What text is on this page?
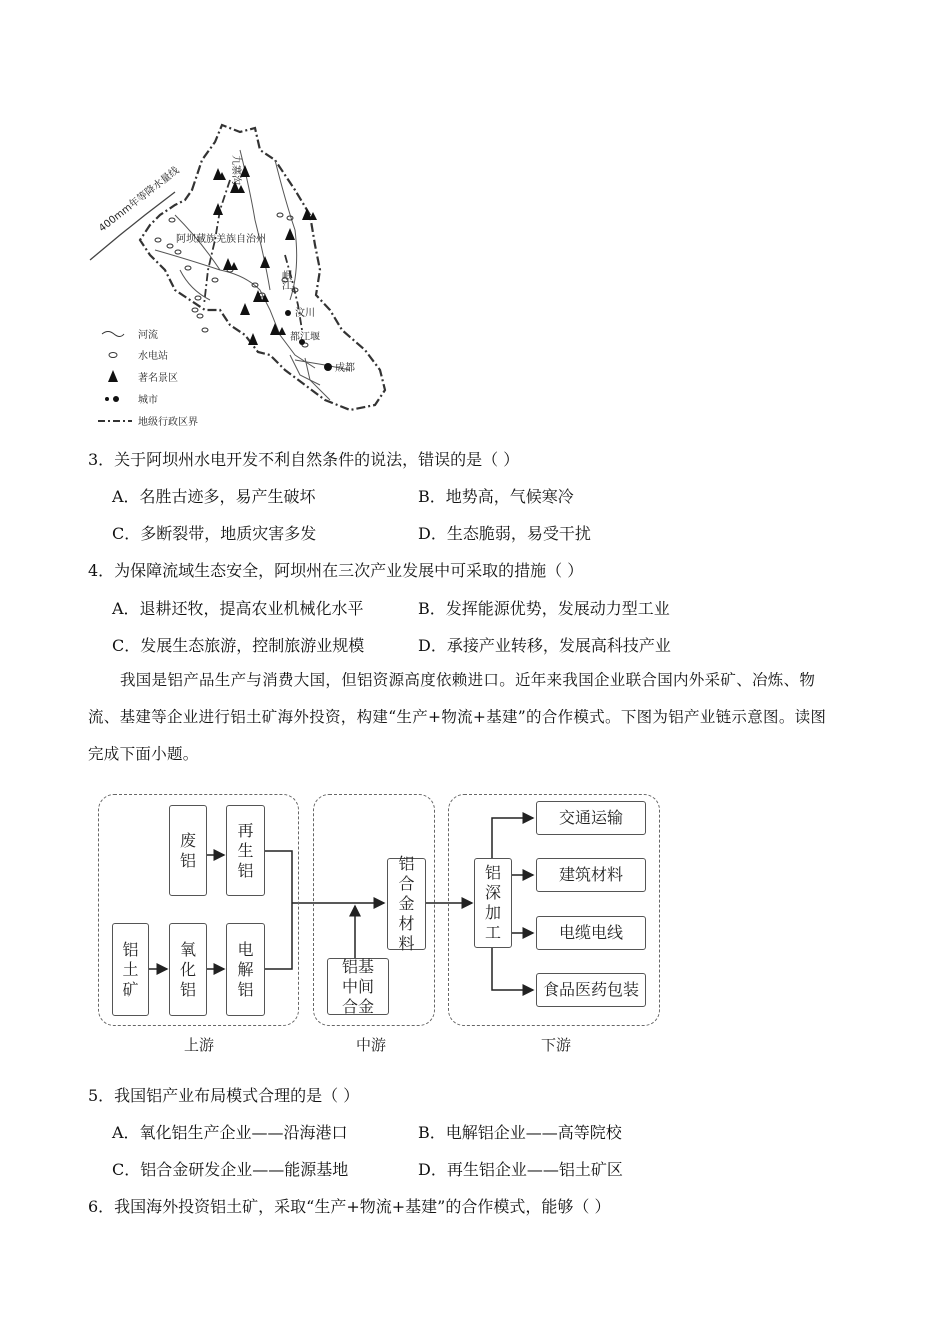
400mm年等降水量线	九寨沟
阿坝藏族羌族自治州
岷江
汶川
都江堰
成都
河流
水电站
著名景区
城市
地级行政区界
3．关于阿坝州水电开发不利自然条件的说法，错误的是（ ）
A．名胜古迹多，易产生破坏	B．地势高，气候寒冷
C．多断裂带，地质灾害多发	D．生态脆弱，易受干扰
4．为保障流域生态安全，阿坝州在三次产业发展中可采取的措施（ ）
A．退耕还牧，提高农业机械化水平	B．发挥能源优势，发展动力型工业
C．发展生态旅游，控制旅游业规模	D．承接产业转移，发展高科技产业
我国是铝产品生产与消费大国，但铝资源高度依赖进口。近年来我国企业联合国内外采矿、冶炼、物
流、基建等企业进行铝土矿海外投资，构建“生产+物流+基建”的合作模式。下图为铝产业链示意图。读图
完成下面小题。
废铝
再生铝
铝土矿
氧化铝
电解铝
铝合金材料
铝基中间合金
铝深加工
交通运输
建筑材料
电缆电线
食品医药包装
上游	中游	下游
5．我国铝产业布局模式合理的是（ ）
A．氧化铝生产企业——沿海港口	B．电解铝企业——高等院校
C．铝合金研发企业——能源基地	D．再生铝企业——铝土矿区
6．我国海外投资铝土矿，采取“生产+物流+基建”的合作模式，能够（ ）
